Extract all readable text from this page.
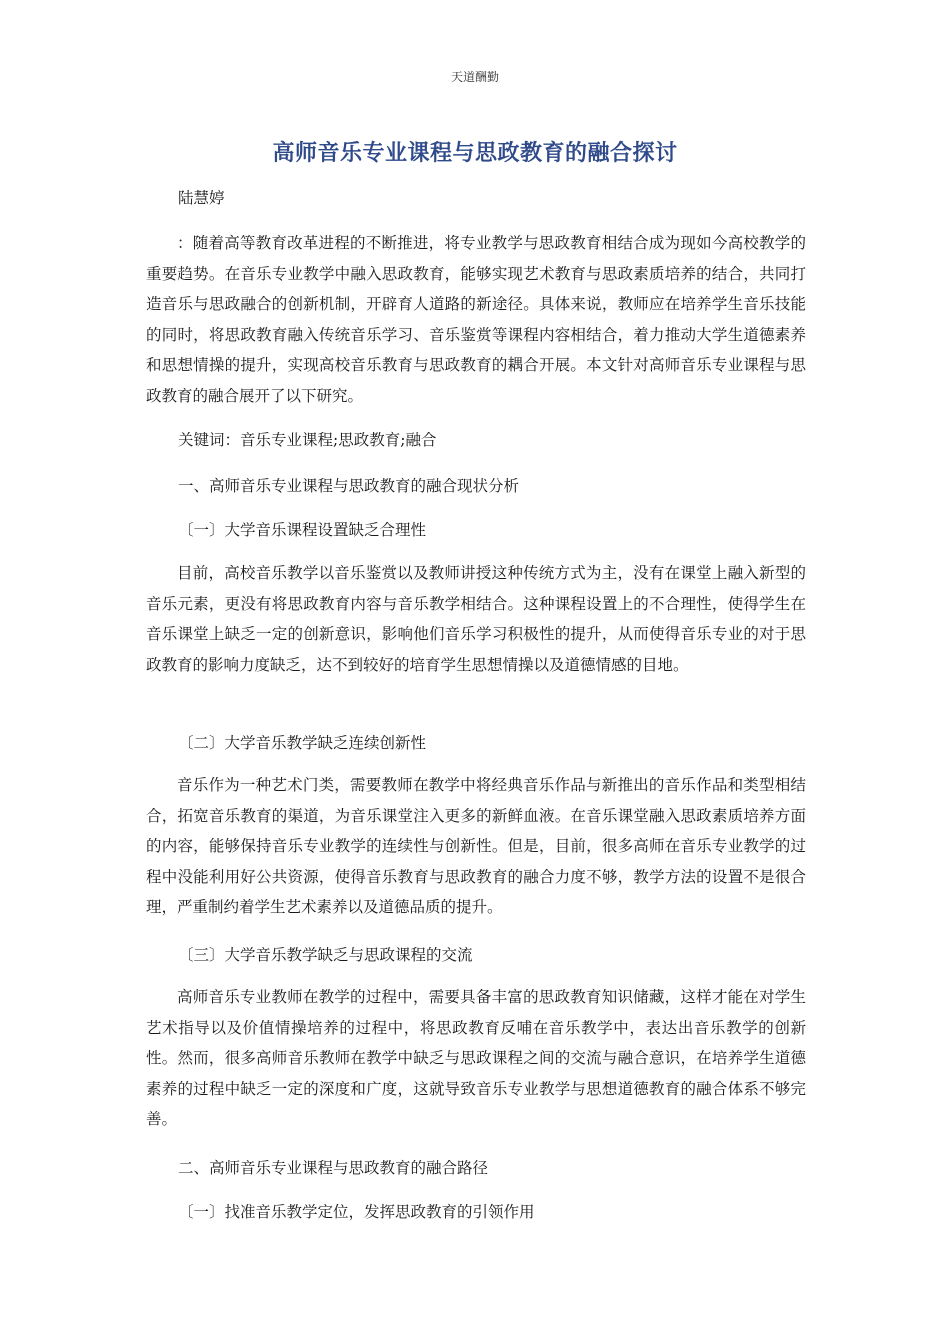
天道酬勤
高师音乐专业课程与思政教育的融合探讨
陆慧婷

：随着高等教育改革进程的不断推进，将专业教学与思政教育相结合成为现如今高校教学的重要趋势。在音乐专业教学中融入思政教育，能够实现艺术教育与思政素质培养的结合，共同打造音乐与思政融合的创新机制，开辟育人道路的新途径。具体来说，教师应在培养学生音乐技能的同时，将思政教育融入传统音乐学习、音乐鉴赏等课程内容相结合，着力推动大学生道德素养和思想情操的提升，实现高校音乐教育与思政教育的耦合开展。本文针对高师音乐专业课程与思政教育的融合展开了以下研究。

关键词：音乐专业课程;思政教育;融合
一、高师音乐专业课程与思政教育的融合现状分析
〔一〕大学音乐课程设置缺乏合理性

目前，高校音乐教学以音乐鉴赏以及教师讲授这种传统方式为主，没有在课堂上融入新型的音乐元素，更没有将思政教育内容与音乐教学相结合。这种课程设置上的不合理性，使得学生在音乐课堂上缺乏一定的创新意识，影响他们音乐学习积极性的提升，从而使得音乐专业的对于思政教育的影响力度缺乏，达不到较好的培育学生思想情操以及道德情感的目地。

〔二〕大学音乐教学缺乏连续创新性

音乐作为一种艺术门类，需要教师在教学中将经典音乐作品与新推出的音乐作品和类型相结合，拓宽音乐教育的渠道，为音乐课堂注入更多的新鲜血液。在音乐课堂融入思政素质培养方面的内容，能够保持音乐专业教学的连续性与创新性。但是，目前，很多高师在音乐专业教学的过程中没能利用好公共资源，使得音乐教育与思政教育的融合力度不够，教学方法的设置不是很合理，严重制约着学生艺术素养以及道德品质的提升。

〔三〕大学音乐教学缺乏与思政课程的交流

高师音乐专业教师在教学的过程中，需要具备丰富的思政教育知识储藏，这样才能在对学生艺术指导以及价值情操培养的过程中，将思政教育反哺在音乐教学中，表达出音乐教学的创新性。然而，很多高师音乐教师在教学中缺乏与思政课程之间的交流与融合意识，在培养学生道德素养的过程中缺乏一定的深度和广度，这就导致音乐专业教学与思想道德教育的融合体系不够完善。

二、高师音乐专业课程与思政教育的融合路径
〔一〕找准音乐教学定位，发挥思政教育的引领作用
